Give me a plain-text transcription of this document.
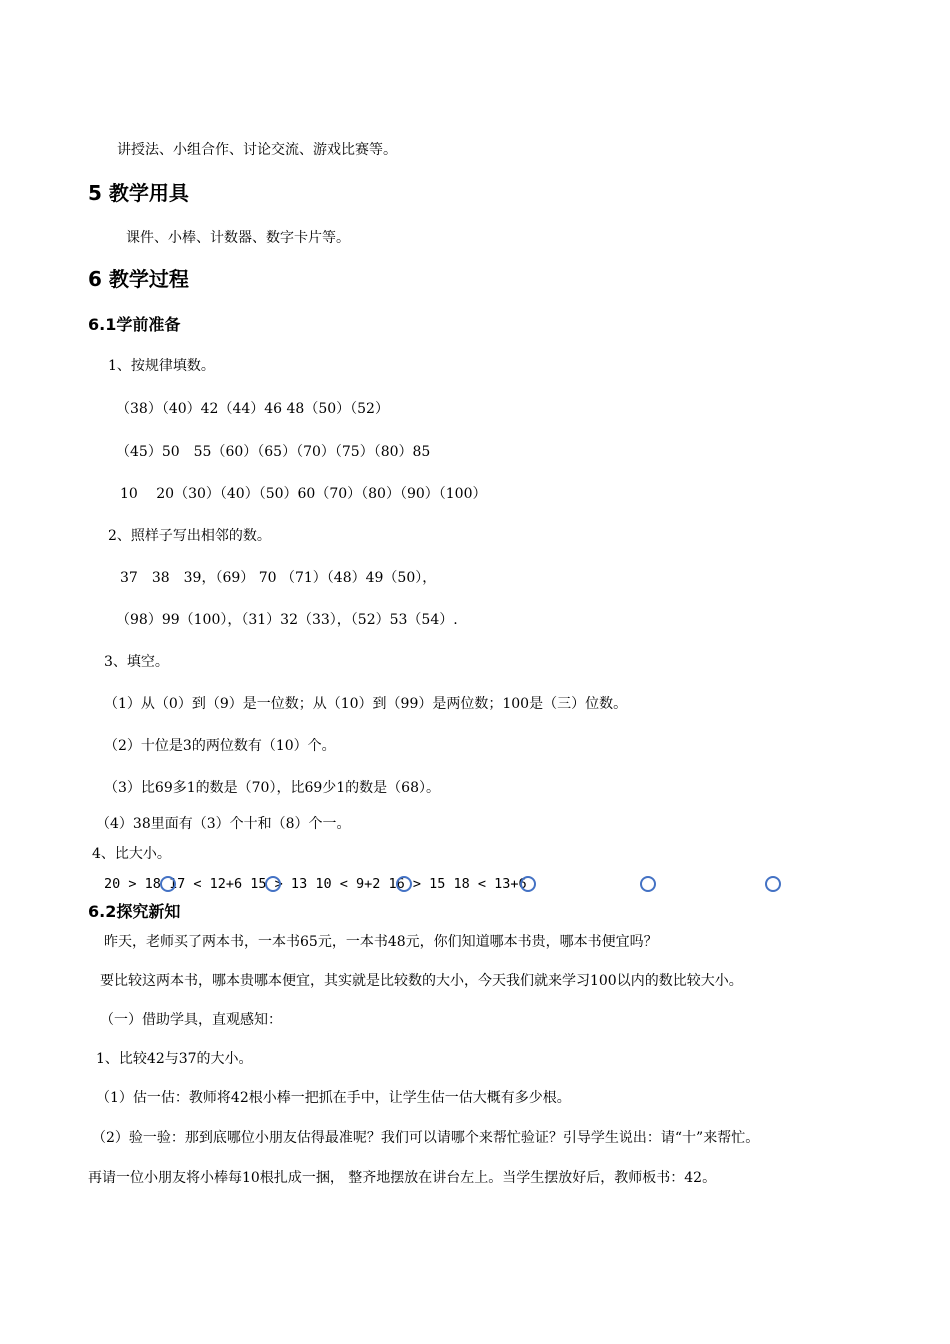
讲授法、小组合作、讨论交流、游戏比赛等。
5 教学用具
课件、小棒、计数器、数字卡片等。
6 教学过程
6.1学前准备
1、按规律填数。
（38）（40）42（44）46 48（50）（52）
（45）50　55（60）（65）（70）（75）（80）85
10　 20（30）（40）（50）60（70）（80）（90）（100）
2、照样子写出相邻的数。
37　38　39，（69） 70 （71）（48）49（50），
（98）99（100），（31）32（33），（52）53（54）.
3、填空。
（1）从（0）到（9）是一位数；从（10）到（99）是两位数；100是（三）位数。
（2）十位是3的两位数有（10）个。
（3）比69多1的数是（70），比69少1的数是（68）。
（4）38里面有（3）个十和（8）个一。
4、比大小。
20 > 18 17 < 12+6 15 > 13 10 < 9+2 16 > 15 18 < 13+6
6.2探究新知
昨天，老师买了两本书，一本书65元，一本书48元，你们知道哪本书贵，哪本书便宜吗？
要比较这两本书，哪本贵哪本便宜，其实就是比较数的大小，今天我们就来学习100以内的数比较大小。
（一）借助学具，直观感知：
1、比较42与37的大小。
（1）估一估：教师将42根小棒一把抓在手中，让学生估一估大概有多少根。
（2）验一验：那到底哪位小朋友估得最准呢？我们可以请哪个来帮忙验证？引导学生说出：请“十”来帮忙。
再请一位小朋友将小棒每10根扎成一捆， 整齐地摆放在讲台左上。当学生摆放好后，教师板书：42。
